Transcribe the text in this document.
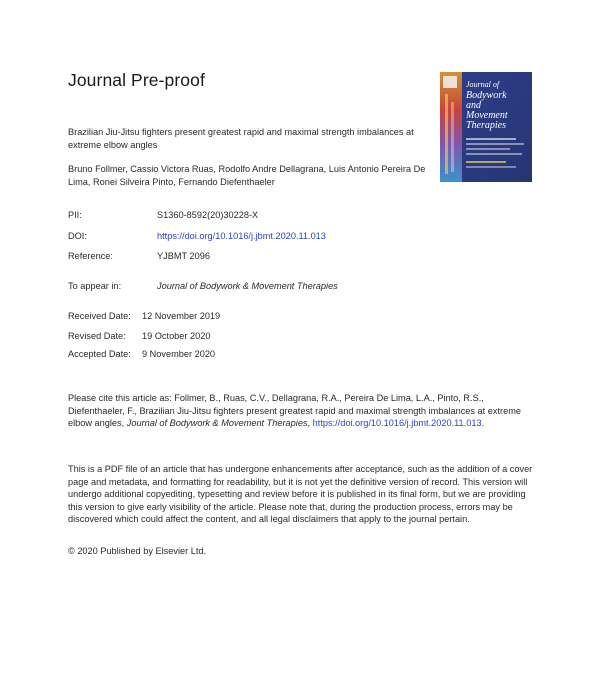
Journal Pre-proof	Journal of
Bodywork
and
Movement
Therapies
Brazilian Jiu-Jitsu fighters present greatest rapid and maximal strength imbalances at extreme elbow angles
Bruno Follmer, Cassio Victora Ruas, Rodolfo Andre Dellagrana, Luis Antonio Pereira De Lima, Ronei Silveira Pinto, Fernando Diefenthaeler
PII:	S1360-8592(20)30228-X
DOI:	https://doi.org/10.1016/j.jbmt.2020.11.013
Reference:	YJBMT 2096
To appear in:	Journal of Bodywork & Movement Therapies
Received Date: 12 November 2019
Revised Date: 19 October 2020
Accepted Date: 9 November 2020
Please cite this article as: Follmer, B., Ruas, C.V., Dellagrana, R.A., Pereira De Lima, L.A., Pinto, R.S., Diefenthaeler, F., Brazilian Jiu-Jitsu fighters present greatest rapid and maximal strength imbalances at extreme elbow angles, Journal of Bodywork & Movement Therapies, https://doi.org/10.1016/j.jbmt.2020.11.013.
This is a PDF file of an article that has undergone enhancements after acceptance, such as the addition of a cover page and metadata, and formatting for readability, but it is not yet the definitive version of record. This version will undergo additional copyediting, typesetting and review before it is published in its final form, but we are providing this version to give early visibility of the article. Please note that, during the production process, errors may be discovered which could affect the content, and all legal disclaimers that apply to the journal pertain.
© 2020 Published by Elsevier Ltd.
